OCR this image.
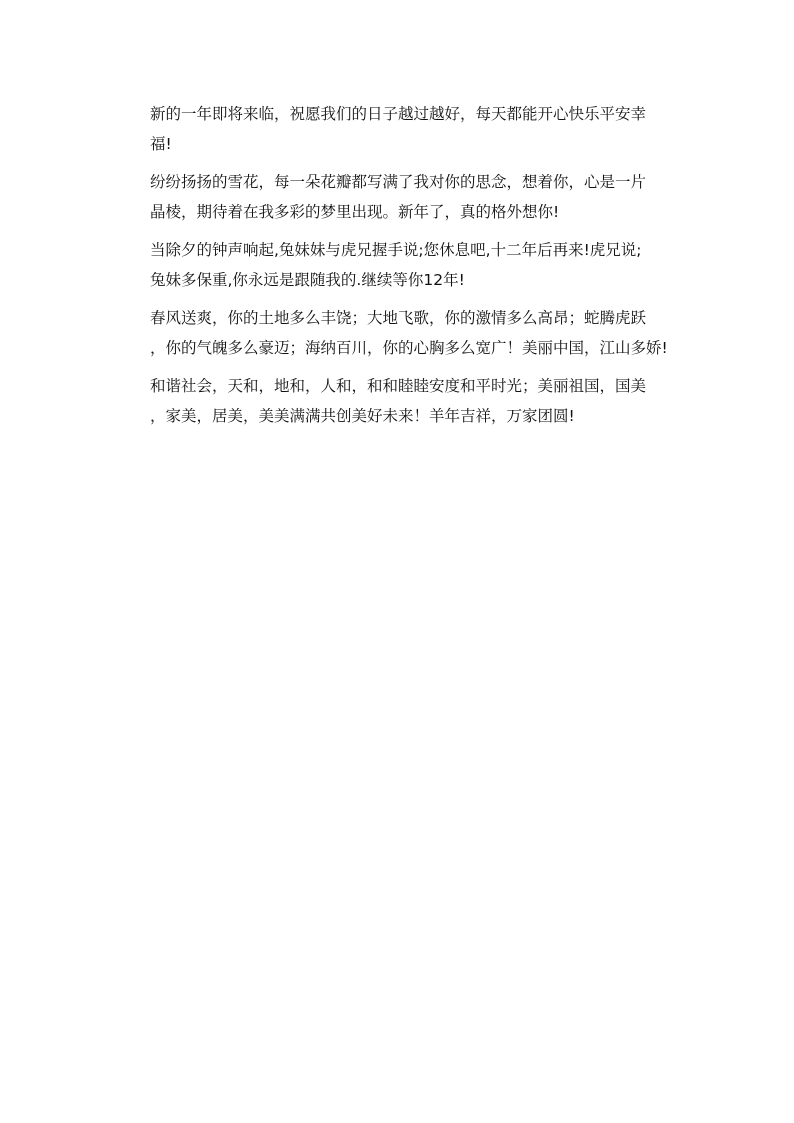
新的一年即将来临，祝愿我们的日子越过越好，每天都能开心快乐平安幸
福!

纷纷扬扬的雪花，每一朵花瓣都写满了我对你的思念，想着你，心是一片
晶棱，期待着在我多彩的梦里出现。新年了，真的格外想你!

当除夕的钟声响起,兔妹妹与虎兄握手说;您休息吧,十二年后再来!虎兄说;
兔妹多保重,你永远是跟随我的.继续等你12年!

春风送爽，你的土地多么丰饶；大地飞歌，你的激情多么高昂；蛇腾虎跃
，你的气魄多么豪迈；海纳百川，你的心胸多么宽广！美丽中国，江山多娇!

和谐社会，天和，地和，人和，和和睦睦安度和平时光；美丽祖国，国美
，家美，居美，美美满满共创美好未来！羊年吉祥，万家团圆!
